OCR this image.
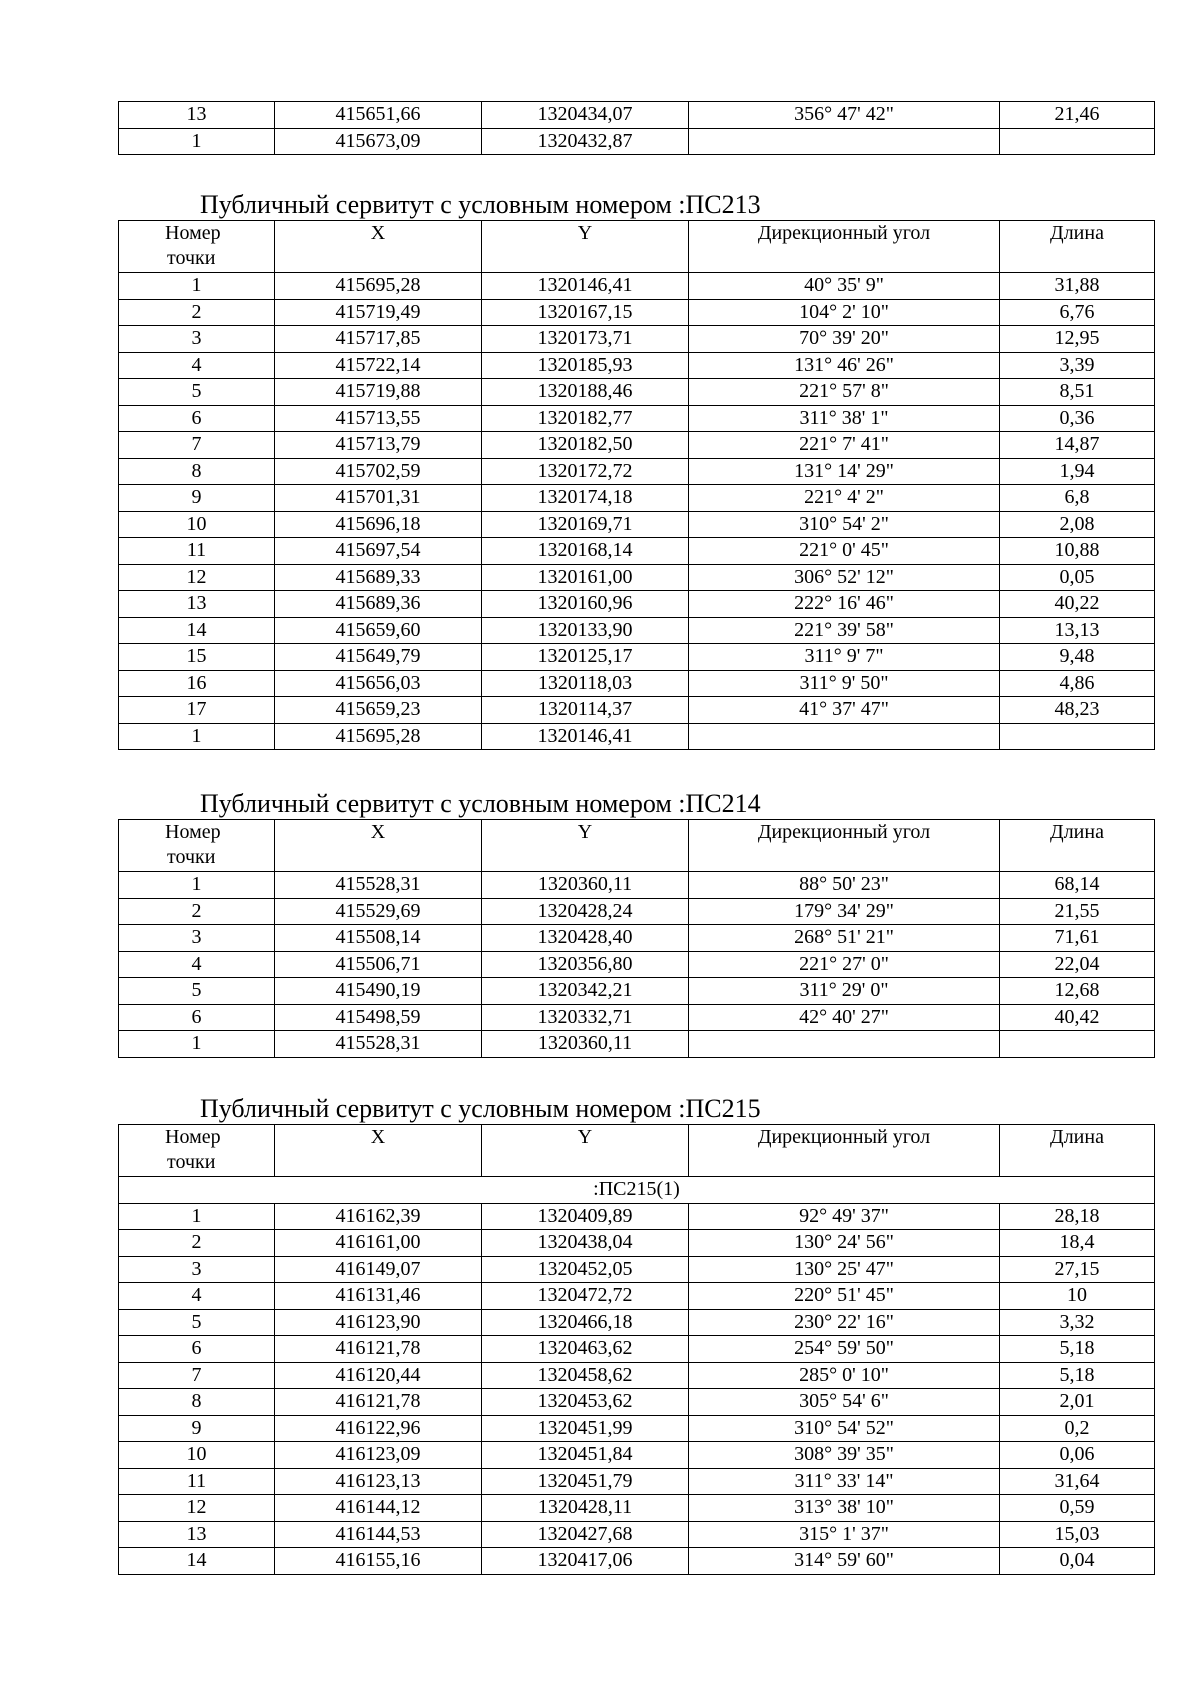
13	415651,66	1320434,07	356° 47' 42"	21,46
1	415673,09	1320432,87		
Публичный сервитут с условным номером :ПС213
Номер
точки	X	Y	Дирекционный угол	Длина
1	415695,28	1320146,41	40° 35' 9"	31,88
2	415719,49	1320167,15	104° 2' 10"	6,76
3	415717,85	1320173,71	70° 39' 20"	12,95
4	415722,14	1320185,93	131° 46' 26"	3,39
5	415719,88	1320188,46	221° 57' 8"	8,51
6	415713,55	1320182,77	311° 38' 1"	0,36
7	415713,79	1320182,50	221° 7' 41"	14,87
8	415702,59	1320172,72	131° 14' 29"	1,94
9	415701,31	1320174,18	221° 4' 2"	6,8
10	415696,18	1320169,71	310° 54' 2"	2,08
11	415697,54	1320168,14	221° 0' 45"	10,88
12	415689,33	1320161,00	306° 52' 12"	0,05
13	415689,36	1320160,96	222° 16' 46"	40,22
14	415659,60	1320133,90	221° 39' 58"	13,13
15	415649,79	1320125,17	311° 9' 7"	9,48
16	415656,03	1320118,03	311° 9' 50"	4,86
17	415659,23	1320114,37	41° 37' 47"	48,23
1	415695,28	1320146,41		
Публичный сервитут с условным номером :ПС214
Номер
точки	X	Y	Дирекционный угол	Длина
1	415528,31	1320360,11	88° 50' 23"	68,14
2	415529,69	1320428,24	179° 34' 29"	21,55
3	415508,14	1320428,40	268° 51' 21"	71,61
4	415506,71	1320356,80	221° 27' 0"	22,04
5	415490,19	1320342,21	311° 29' 0"	12,68
6	415498,59	1320332,71	42° 40' 27"	40,42
1	415528,31	1320360,11		
Публичный сервитут с условным номером :ПС215
Номер
точки	X	Y	Дирекционный угол	Длина
:ПС215(1)				
1	416162,39	1320409,89	92° 49' 37"	28,18
2	416161,00	1320438,04	130° 24' 56"	18,4
3	416149,07	1320452,05	130° 25' 47"	27,15
4	416131,46	1320472,72	220° 51' 45"	10
5	416123,90	1320466,18	230° 22' 16"	3,32
6	416121,78	1320463,62	254° 59' 50"	5,18
7	416120,44	1320458,62	285° 0' 10"	5,18
8	416121,78	1320453,62	305° 54' 6"	2,01
9	416122,96	1320451,99	310° 54' 52"	0,2
10	416123,09	1320451,84	308° 39' 35"	0,06
11	416123,13	1320451,79	311° 33' 14"	31,64
12	416144,12	1320428,11	313° 38' 10"	0,59
13	416144,53	1320427,68	315° 1' 37"	15,03
14	416155,16	1320417,06	314° 59' 60"	0,04
